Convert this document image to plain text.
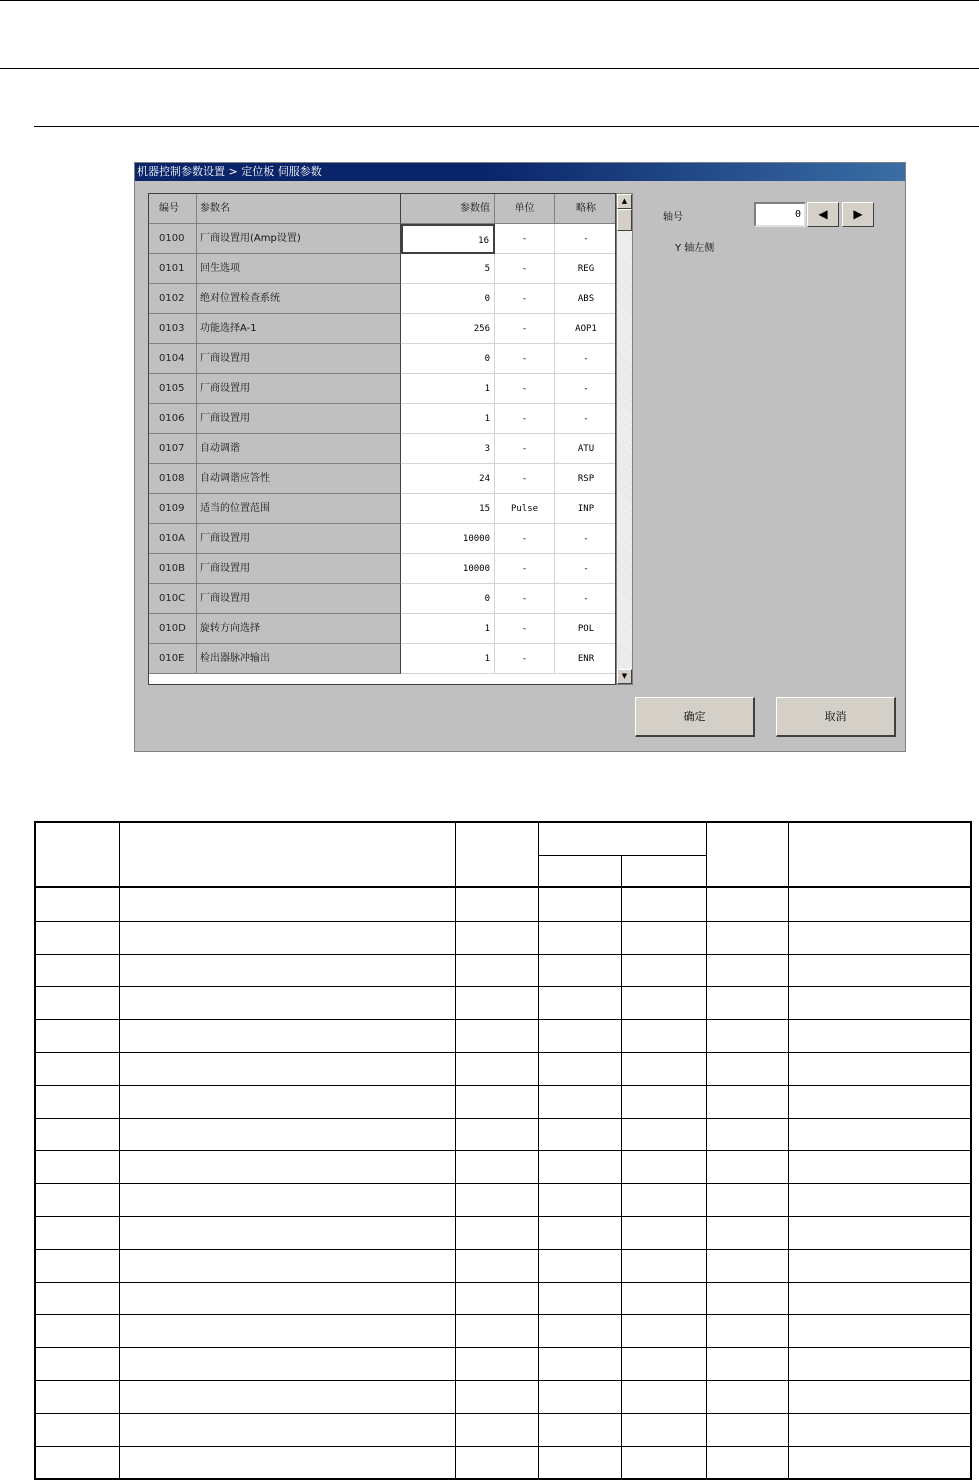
机器控制参数设置 > 定位板 伺服参数
编号	参数名	参数值	单位	略称
0100	厂商设置用(Amp设置)	16	-	-
0101	回生选项	5	-	REG
0102	绝对位置检查系统	0	-	ABS
0103	功能选择A-1	256	-	AOP1
0104	厂商设置用	0	-	-
0105	厂商设置用	1	-	-
0106	厂商设置用	1	-	-
0107	自动调谐	3	-	ATU
0108	自动调谐应答性	24	-	RSP
0109	适当的位置范围	15	Pulse	INP
010A	厂商设置用	10000	-	-
010B	厂商设置用	10000	-	-
010C	厂商设置用	0	-	-
010D	旋转方向选择	1	-	POL
010E	检出器脉冲输出	1	-	ENR
▲
▼
轴号	0	◀	▶
Y 轴左侧
确定	取消
